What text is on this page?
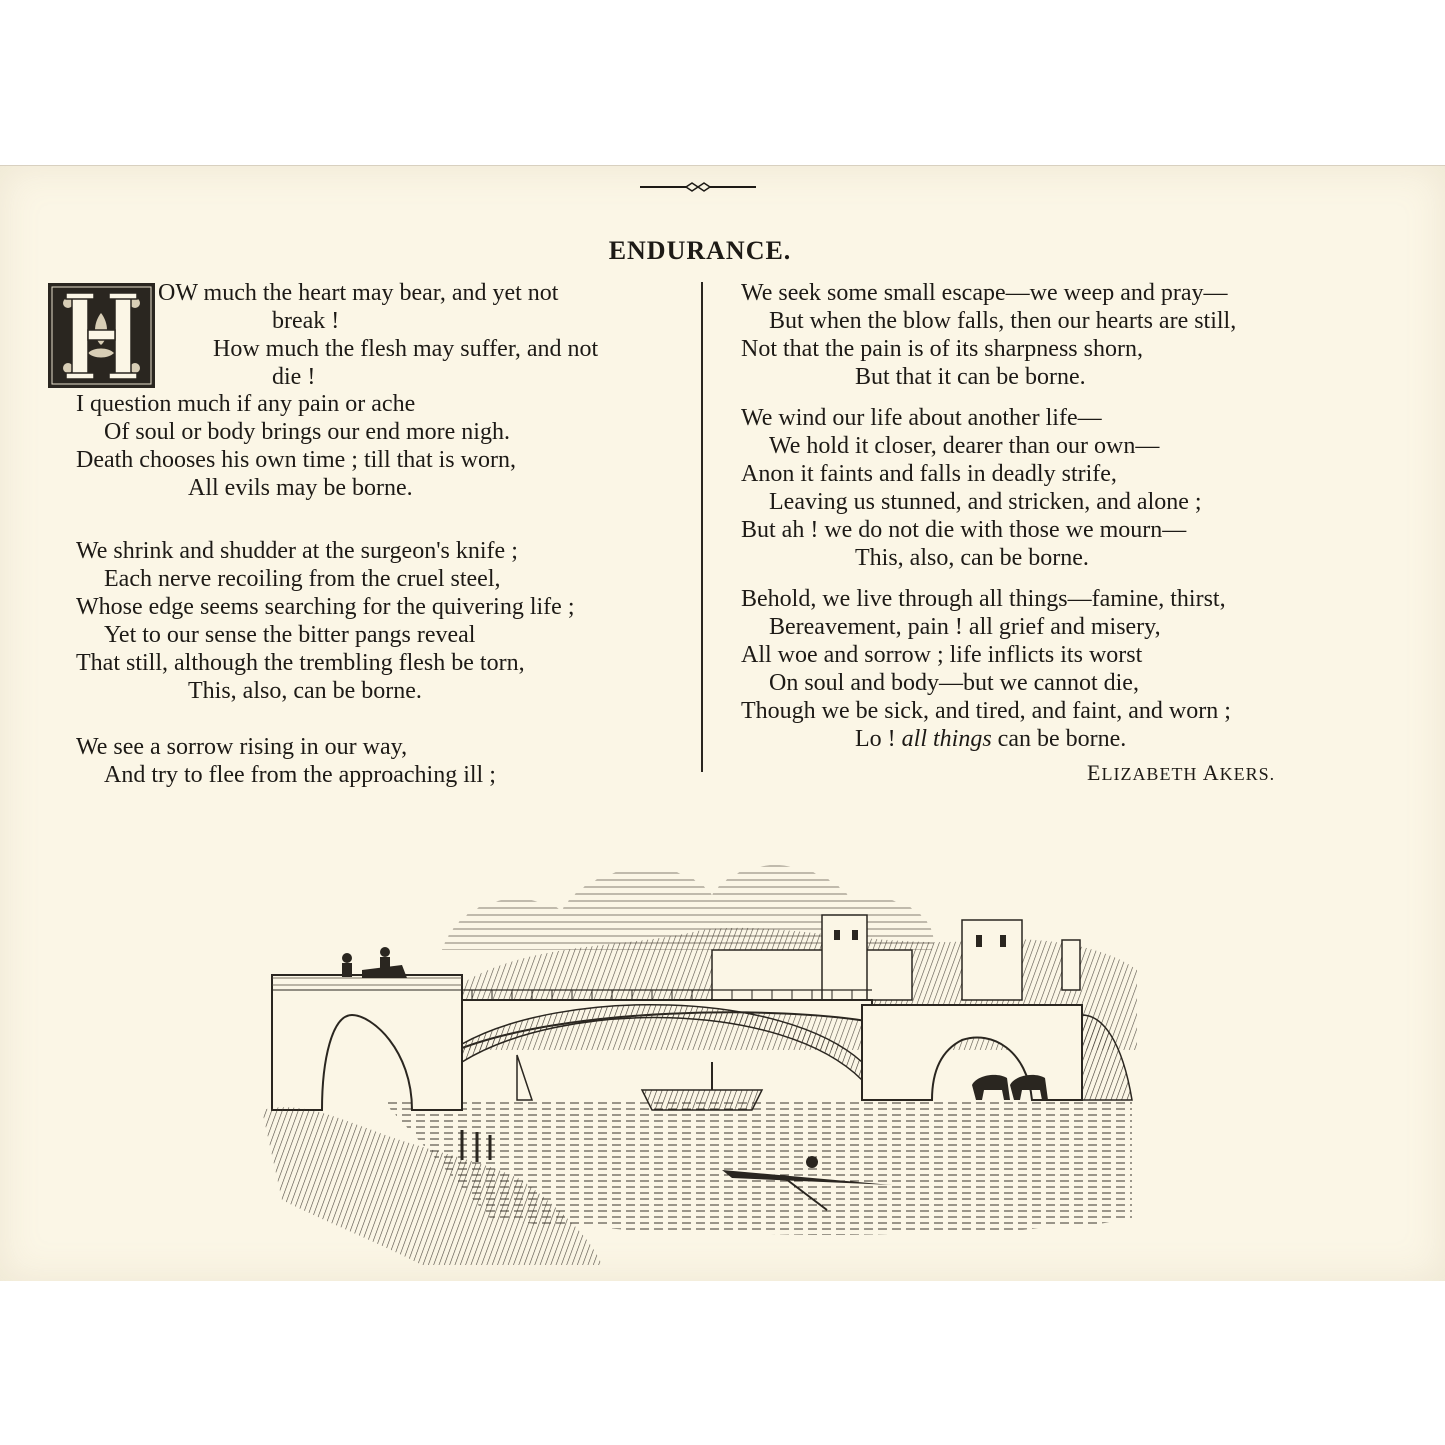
ENDURANCE.
OW much the heart may bear, and yet not
break !
How much the flesh may suffer, and not
die !
I question much if any pain or ache
Of soul or body brings our end more nigh.
Death chooses his own time ; till that is worn,
All evils may be borne.
We shrink and shudder at the surgeon's knife ;
Each nerve recoiling from the cruel steel,
Whose edge seems searching for the quivering life ;
Yet to our sense the bitter pangs reveal
That still, although the trembling flesh be torn,
This, also, can be borne.
We see a sorrow rising in our way,
And try to flee from the approaching ill ;
We seek some small escape—we weep and pray—
But when the blow falls, then our hearts are still,
Not that the pain is of its sharpness shorn,
But that it can be borne.
We wind our life about another life—
We hold it closer, dearer than our own—
Anon it faints and falls in deadly strife,
Leaving us stunned, and stricken, and alone ;
But ah ! we do not die with those we mourn—
This, also, can be borne.
Behold, we live through all things—famine, thirst,
Bereavement, pain ! all grief and misery,
All woe and sorrow ; life inflicts its worst
On soul and body—but we cannot die,
Though we be sick, and tired, and faint, and worn ;
Lo ! all things can be borne.
ELIZABETH AKERS.
